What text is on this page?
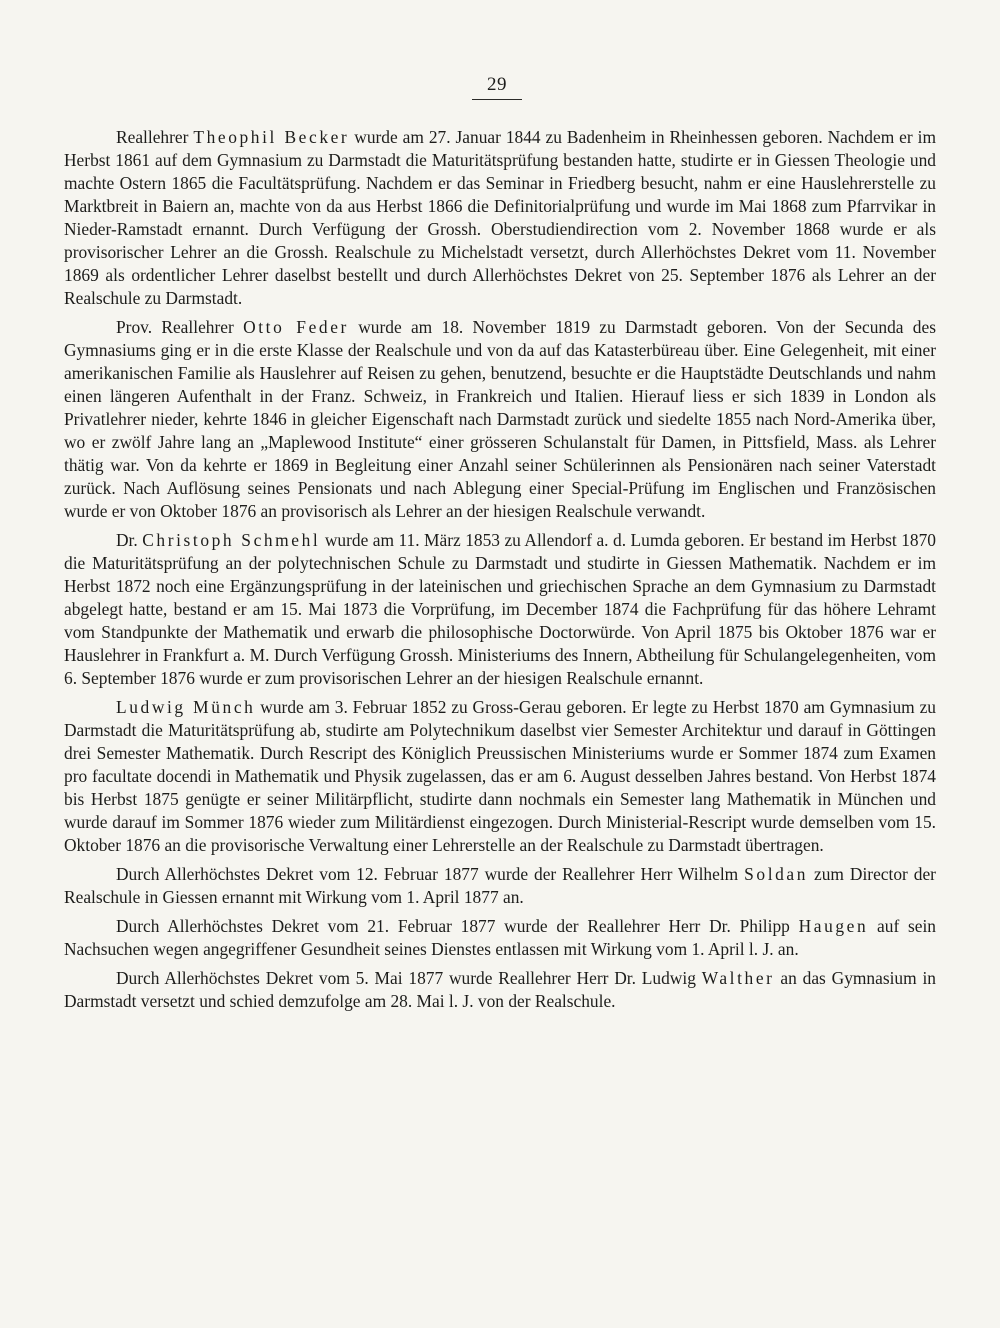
29

Reallehrer Theophil Becker wurde am 27. Januar 1844 zu Badenheim in Rheinhessen geboren. Nachdem er im Herbst 1861 auf dem Gymnasium zu Darmstadt die Maturitätsprüfung bestanden hatte, studirte er in Giessen Theologie und machte Ostern 1865 die Facultätsprüfung. Nachdem er das Seminar in Friedberg besucht, nahm er eine Hauslehrerstelle zu Marktbreit in Baiern an, machte von da aus Herbst 1866 die Definitorialprüfung und wurde im Mai 1868 zum Pfarrvikar in Nieder-Ramstadt ernannt. Durch Verfügung der Grossh. Oberstudiendirection vom 2. November 1868 wurde er als provisorischer Lehrer an die Grossh. Realschule zu Michelstadt versetzt, durch Allerhöchstes Dekret vom 11. November 1869 als ordentlicher Lehrer daselbst bestellt und durch Allerhöchstes Dekret von 25. September 1876 als Lehrer an der Realschule zu Darmstadt.

Prov. Reallehrer Otto Feder wurde am 18. November 1819 zu Darmstadt geboren. Von der Secunda des Gymnasiums ging er in die erste Klasse der Realschule und von da auf das Katasterbüreau über. Eine Gelegenheit, mit einer amerikanischen Familie als Hauslehrer auf Reisen zu gehen, benutzend, besuchte er die Hauptstädte Deutschlands und nahm einen längeren Aufenthalt in der Franz. Schweiz, in Frankreich und Italien. Hierauf liess er sich 1839 in London als Privatlehrer nieder, kehrte 1846 in gleicher Eigenschaft nach Darmstadt zurück und siedelte 1855 nach Nord-Amerika über, wo er zwölf Jahre lang an „Maplewood Institute“ einer grösseren Schulanstalt für Damen, in Pittsfield, Mass. als Lehrer thätig war. Von da kehrte er 1869 in Begleitung einer Anzahl seiner Schülerinnen als Pensionären nach seiner Vaterstadt zurück. Nach Auflösung seines Pensionats und nach Ablegung einer Special-Prüfung im Englischen und Französischen wurde er von Oktober 1876 an provisorisch als Lehrer an der hiesigen Realschule verwandt.

Dr. Christoph Schmehl wurde am 11. März 1853 zu Allendorf a. d. Lumda geboren. Er bestand im Herbst 1870 die Maturitätsprüfung an der polytechnischen Schule zu Darmstadt und studirte in Giessen Mathematik. Nachdem er im Herbst 1872 noch eine Ergänzungsprüfung in der lateinischen und griechischen Sprache an dem Gymnasium zu Darmstadt abgelegt hatte, bestand er am 15. Mai 1873 die Vorprüfung, im December 1874 die Fachprüfung für das höhere Lehramt vom Standpunkte der Mathematik und erwarb die philosophische Doctorwürde. Von April 1875 bis Oktober 1876 war er Hauslehrer in Frankfurt a. M. Durch Verfügung Grossh. Ministeriums des Innern, Abtheilung für Schulangelegenheiten, vom 6. September 1876 wurde er zum provisorischen Lehrer an der hiesigen Realschule ernannt.

Ludwig Münch wurde am 3. Februar 1852 zu Gross-Gerau geboren. Er legte zu Herbst 1870 am Gymnasium zu Darmstadt die Maturitätsprüfung ab, studirte am Polytechnikum daselbst vier Semester Architektur und darauf in Göttingen drei Semester Mathematik. Durch Rescript des Königlich Preussischen Ministeriums wurde er Sommer 1874 zum Examen pro facultate docendi in Mathematik und Physik zugelassen, das er am 6. August desselben Jahres bestand. Von Herbst 1874 bis Herbst 1875 genügte er seiner Militärpflicht, studirte dann nochmals ein Semester lang Mathematik in München und wurde darauf im Sommer 1876 wieder zum Militärdienst eingezogen. Durch Ministerial-Rescript wurde demselben vom 15. Oktober 1876 an die provisorische Verwaltung einer Lehrerstelle an der Realschule zu Darmstadt übertragen.

Durch Allerhöchstes Dekret vom 12. Februar 1877 wurde der Reallehrer Herr Wilhelm Soldan zum Director der Realschule in Giessen ernannt mit Wirkung vom 1. April 1877 an.

Durch Allerhöchstes Dekret vom 21. Februar 1877 wurde der Reallehrer Herr Dr. Philipp Haugen auf sein Nachsuchen wegen angegriffener Gesundheit seines Dienstes entlassen mit Wirkung vom 1. April l. J. an.

Durch Allerhöchstes Dekret vom 5. Mai 1877 wurde Reallehrer Herr Dr. Ludwig Walther an das Gymnasium in Darmstadt versetzt und schied demzufolge am 28. Mai l. J. von der Realschule.
